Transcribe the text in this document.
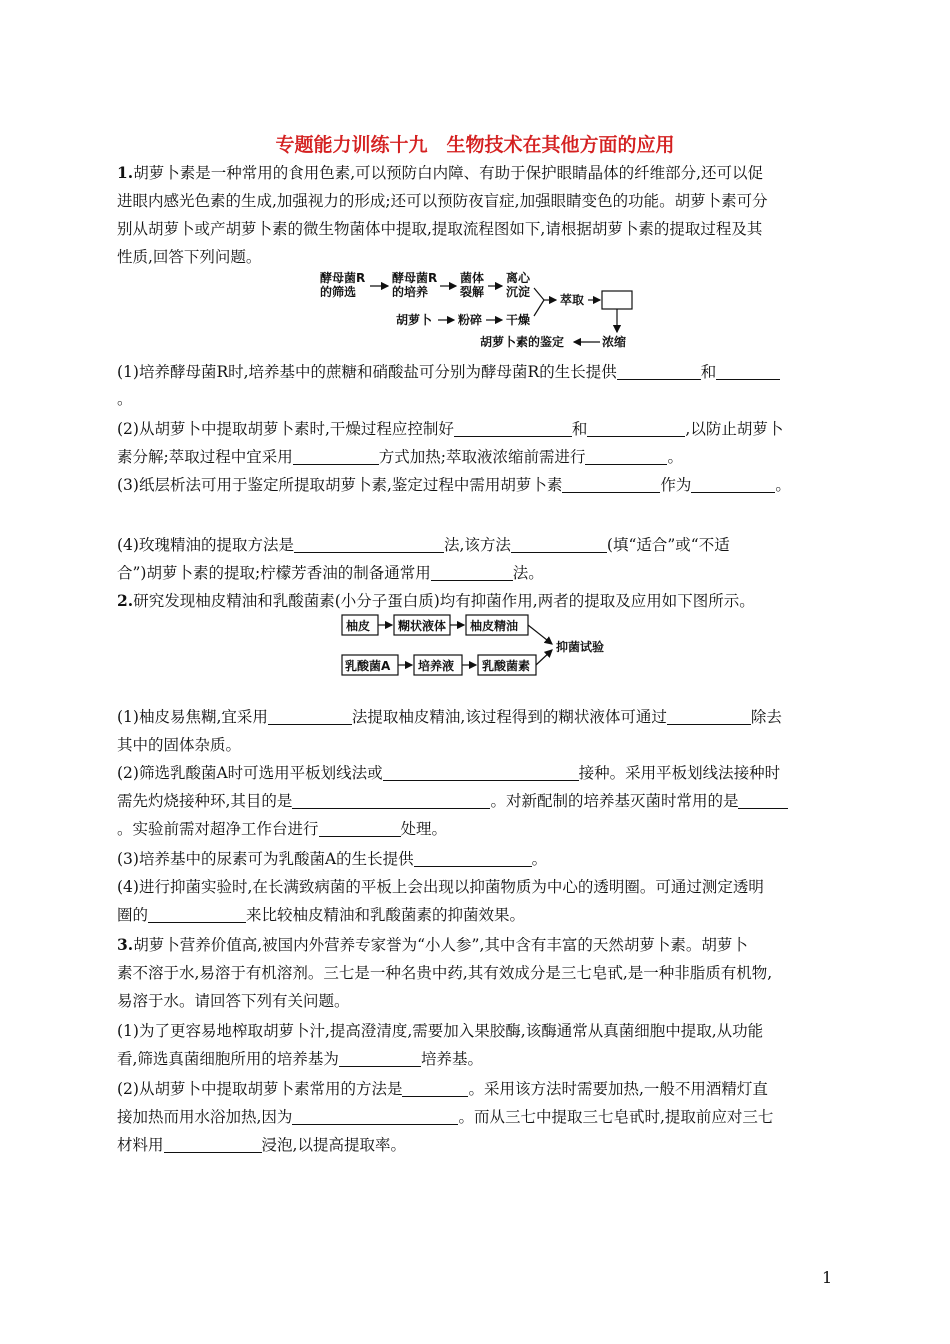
专题能力训练十九　生物技术在其他方面的应用
1.胡萝卜素是一种常用的食用色素,可以预防白内障、有助于保护眼睛晶体的纤维部分,还可以促
进眼内感光色素的生成,加强视力的形成;还可以预防夜盲症,加强眼睛变色的功能。胡萝卜素可分
别从胡萝卜或产胡萝卜素的微生物菌体中提取,提取流程图如下,请根据胡萝卜素的提取过程及其
性质,回答下列问题。
酵母菌R
的筛选
酵母菌R
的培养
菌体
裂解
离心
沉淀
萃取
浓缩
胡萝卜素的鉴定
胡萝卜 粉碎 干燥
(1)培养酵母菌R时,培养基中的蔗糖和硝酸盐可分别为酵母菌R的生长提供	和
。
(2)从胡萝卜中提取胡萝卜素时,干燥过程应控制好	和	,以防止胡萝卜
素分解;萃取过程中宜采用	方式加热;萃取液浓缩前需进行	。
(3)纸层析法可用于鉴定所提取胡萝卜素,鉴定过程中需用胡萝卜素	作为	。
(4)玫瑰精油的提取方法是	法,该方法	(填“适合”或“不适
合”)胡萝卜素的提取;柠檬芳香油的制备通常用	法。
2.研究发现柚皮精油和乳酸菌素(小分子蛋白质)均有抑菌作用,两者的提取及应用如下图所示。
柚皮 糊状液体 柚皮精油
乳酸菌A 培养液 乳酸菌素
抑菌试验
(1)柚皮易焦糊,宜采用	法提取柚皮精油,该过程得到的糊状液体可通过	除去
其中的固体杂质。
(2)筛选乳酸菌A时可选用平板划线法或	接种。采用平板划线法接种时
需先灼烧接种环,其目的是	。对新配制的培养基灭菌时常用的是
。实验前需对超净工作台进行	处理。
(3)培养基中的尿素可为乳酸菌A的生长提供	。
(4)进行抑菌实验时,在长满致病菌的平板上会出现以抑菌物质为中心的透明圈。可通过测定透明
圈的	来比较柚皮精油和乳酸菌素的抑菌效果。
3.胡萝卜营养价值高,被国内外营养专家誉为“小人参”,其中含有丰富的天然胡萝卜素。胡萝卜
素不溶于水,易溶于有机溶剂。三七是一种名贵中药,其有效成分是三七皂甙,是一种非脂质有机物,
易溶于水。请回答下列有关问题。
(1)为了更容易地榨取胡萝卜汁,提高澄清度,需要加入果胶酶,该酶通常从真菌细胞中提取,从功能
看,筛选真菌细胞所用的培养基为	培养基。
(2)从胡萝卜中提取胡萝卜素常用的方法是	。采用该方法时需要加热,一般不用酒精灯直
接加热而用水浴加热,因为	。而从三七中提取三七皂甙时,提取前应对三七
材料用	浸泡,以提高提取率。
1
